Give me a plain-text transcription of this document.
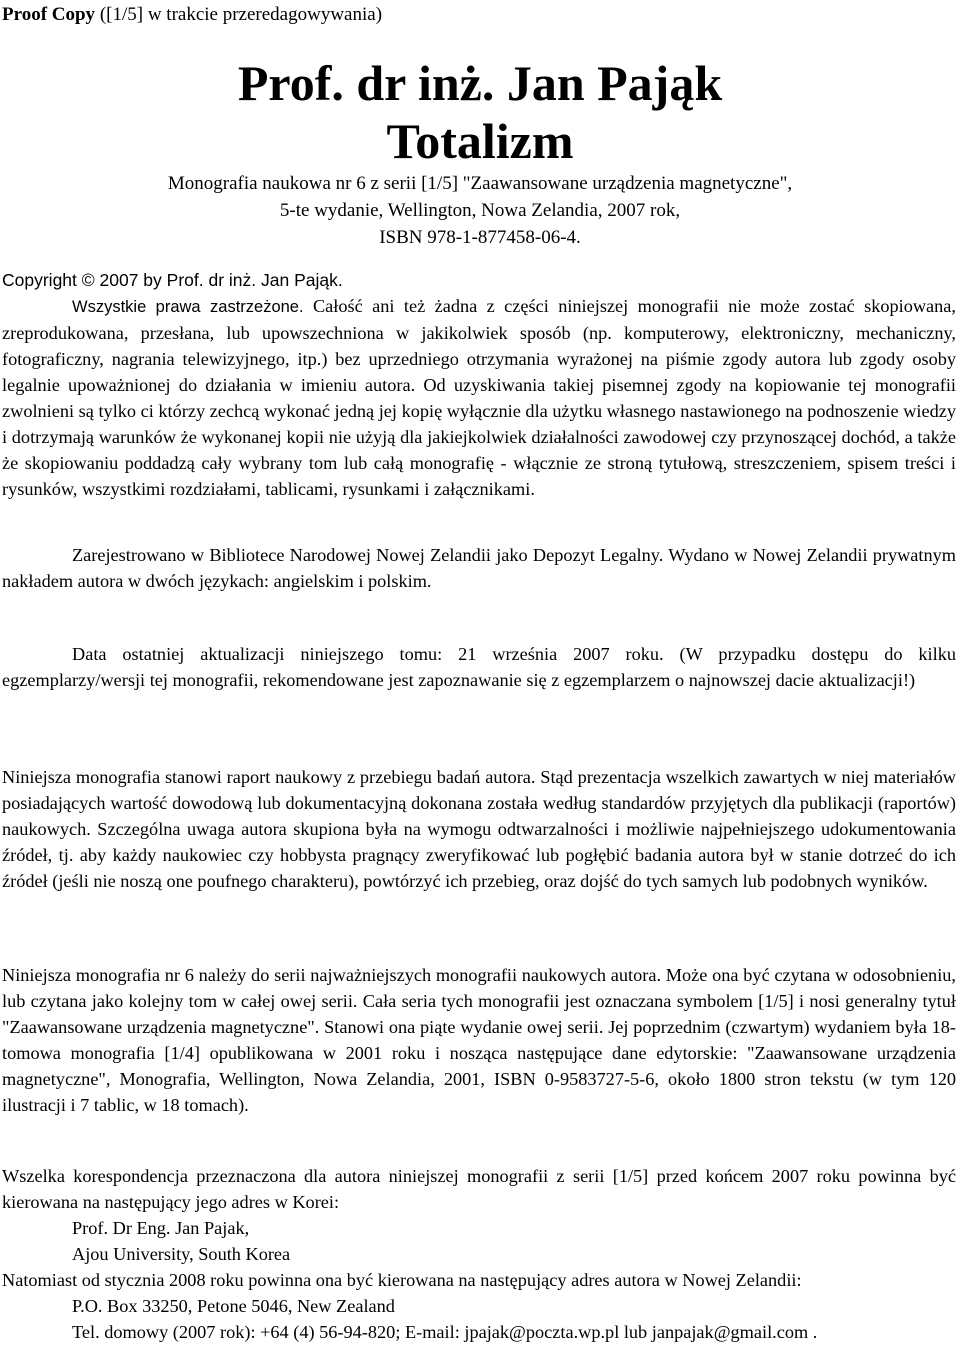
Proof Copy ([1/5] w trakcie przeredagowywania)

Prof. dr inż. Jan Pająk

Totalizm

Monografia naukowa nr 6 z serii [1/5] "Zaawansowane urządzenia magnetyczne",

5-te wydanie, Wellington, Nowa Zelandia, 2007 rok,

ISBN 978-1-877458-06-4.

Copyright © 2007 by Prof. dr inż. Jan Pająk.
Wszystkie prawa zastrzeżone. Całość ani też żadna z części niniejszej monografii nie może zostać skopiowana, zreprodukowana, przesłana, lub upowszechniona w jakikolwiek sposób (np. komputerowy, elektroniczny, mechaniczny, fotograficzny, nagrania telewizyjnego, itp.) bez uprzedniego otrzymania wyrażonej na piśmie zgody autora lub zgody osoby legalnie upoważnionej do działania w imieniu autora. Od uzyskiwania takiej pisemnej zgody na kopiowanie tej monografii zwolnieni są tylko ci którzy zechcą wykonać jedną jej kopię wyłącznie dla użytku własnego nastawionego na podnoszenie wiedzy i dotrzymają warunków że wykonanej kopii nie użyją dla jakiejkolwiek działalności zawodowej czy przynoszącej dochód, a także że skopiowaniu poddadzą cały wybrany tom lub całą monografię - włącznie ze stroną tytułową, streszczeniem, spisem treści i rysunków, wszystkimi rozdziałami, tablicami, rysunkami i załącznikami.
Zarejestrowano w Bibliotece Narodowej Nowej Zelandii jako Depozyt Legalny. Wydano w Nowej Zelandii prywatnym nakładem autora w dwóch językach: angielskim i polskim.
Data ostatniej aktualizacji niniejszego tomu: 21 września 2007 roku. (W przypadku dostępu do kilku egzemplarzy/wersji tej monografii, rekomendowane jest zapoznawanie się z egzemplarzem o najnowszej dacie aktualizacji!)
Niniejsza monografia stanowi raport naukowy z przebiegu badań autora. Stąd prezentacja wszelkich zawartych w niej materiałów posiadających wartość dowodową lub dokumentacyjną dokonana została według standardów przyjętych dla publikacji (raportów) naukowych. Szczególna uwaga autora skupiona była na wymogu odtwarzalności i możliwie najpełniejszego udokumentowania źródeł, tj. aby każdy naukowiec czy hobbysta pragnący zweryfikować lub pogłębić badania autora był w stanie dotrzeć do ich źródeł (jeśli nie noszą one poufnego charakteru), powtórzyć ich przebieg, oraz dojść do tych samych lub podobnych wyników.
Niniejsza monografia nr 6 należy do serii najważniejszych monografii naukowych autora. Może ona być czytana w odosobnieniu, lub czytana jako kolejny tom w całej owej serii. Cała seria tych monografii jest oznaczana symbolem [1/5] i nosi generalny tytuł "Zaawansowane urządzenia magnetyczne". Stanowi ona piąte wydanie owej serii. Jej poprzednim (czwartym) wydaniem była 18-tomowa monografia [1/4] opublikowana w 2001 roku i nosząca następujące dane edytorskie: "Zaawansowane urządzenia magnetyczne", Monografia, Wellington, Nowa Zelandia, 2001, ISBN 0-9583727-5-6, około 1800 stron tekstu (w tym 120 ilustracji i 7 tablic, w 18 tomach).

Wszelka korespondencja przeznaczona dla autora niniejszej monografii z serii [1/5] przed końcem 2007 roku powinna być kierowana na następujący jego adres w Korei:

Prof. Dr Eng. Jan Pajak,
Ajou University, South Korea
Natomiast od stycznia 2008 roku powinna ona być kierowana na następujący adres autora w Nowej Zelandii:
P.O. Box 33250, Petone 5046, New Zealand
Tel. domowy (2007 rok): +64 (4) 56-94-820; E-mail: jpajak@poczta.wp.pl lub janpajak@gmail.com .
